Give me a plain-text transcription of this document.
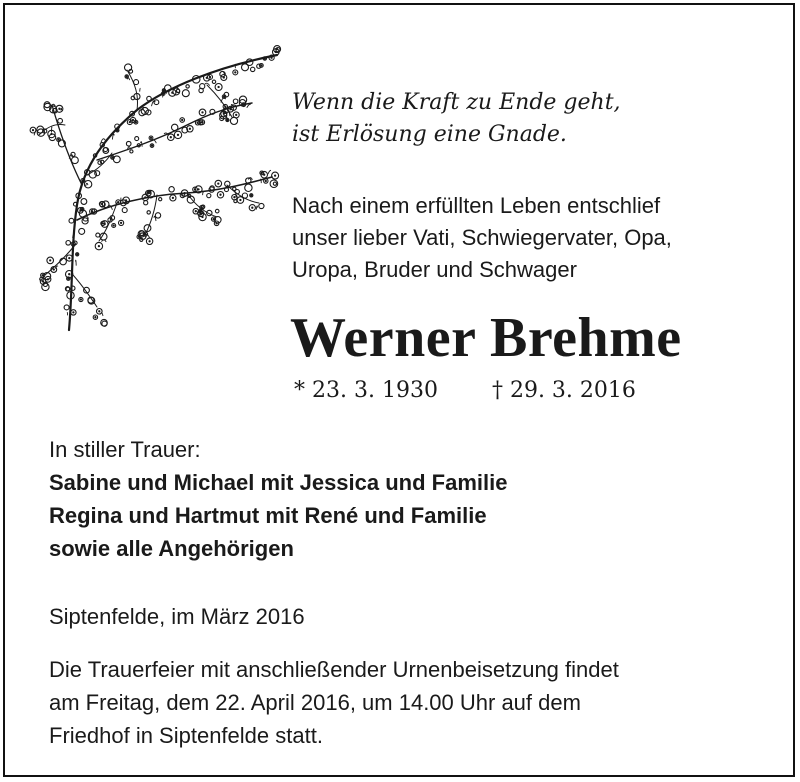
Wenn die Kraft zu Ende geht,
ist Erlösung eine Gnade.

Nach einem erfüllten Leben entschlief
unser lieber Vati, Schwiegervater, Opa,
Uropa, Bruder und Schwager

Werner Brehme
* 23. 3. 1930 † 29. 3. 2016

In stiller Trauer:
Sabine und Michael mit Jessica und Familie
Regina und Hartmut mit René und Familie
sowie alle Angehörigen

Siptenfelde, im März 2016

Die Trauerfeier mit anschließender Urnenbeisetzung findet
am Freitag, dem 22. April 2016, um 14.00 Uhr auf dem
Friedhof in Siptenfelde statt.
